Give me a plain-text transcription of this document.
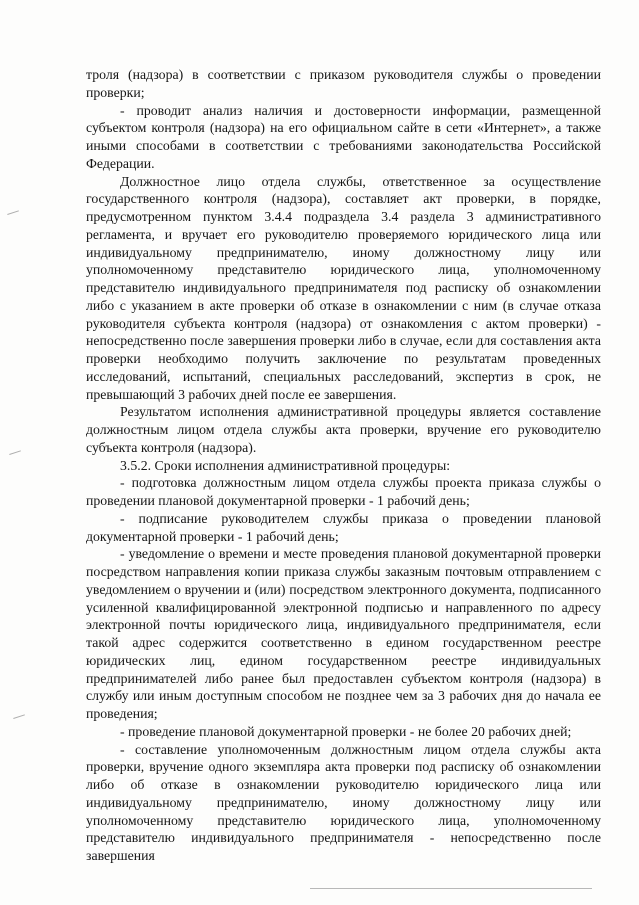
троля (надзора) в соответствии с приказом руководителя службы о проведении проверки;

- проводит анализ наличия и достоверности информации, размещенной субъектом контроля (надзора) на его официальном сайте в сети «Интернет», а также иными способами в соответствии с требованиями законодательства Российской Федерации.

Должностное лицо отдела службы, ответственное за осуществление государственного контроля (надзора), составляет акт проверки, в порядке, предусмотренном пунктом 3.4.4 подраздела 3.4 раздела 3 административного регламента, и вручает его руководителю проверяемого юридического лица или индивидуальному предпринимателю, иному должностному лицу или уполномоченному представителю юридического лица, уполномоченному представителю индивидуального предпринимателя под расписку об ознакомлении либо с указанием в акте проверки об отказе в ознакомлении с ним (в случае отказа руководителя субъекта контроля (надзора) от ознакомления с актом проверки) - непосредственно после завершения проверки либо в случае, если для составления акта проверки необходимо получить заключение по результатам проведенных исследований, испытаний, специальных расследований, экспертиз в срок, не превышающий 3 рабочих дней после ее завершения.

Результатом исполнения административной процедуры является составление должностным лицом отдела службы акта проверки, вручение его руководителю субъекта контроля (надзора).

3.5.2. Сроки исполнения административной процедуры:

- подготовка должностным лицом отдела службы проекта приказа службы о проведении плановой документарной проверки - 1 рабочий день;

- подписание руководителем службы приказа о проведении плановой документарной проверки - 1 рабочий день;

- уведомление о времени и месте проведения плановой документарной проверки посредством направления копии приказа службы заказным почтовым отправлением с уведомлением о вручении и (или) посредством электронного документа, подписанного усиленной квалифицированной электронной подписью и направленного по адресу электронной почты юридического лица, индивидуального предпринимателя, если такой адрес содержится соответственно в едином государственном реестре юридических лиц, едином государственном реестре индивидуальных предпринимателей либо ранее был предоставлен субъектом контроля (надзора) в службу или иным доступным способом не позднее чем за 3 рабочих дня до начала ее проведения;

- проведение плановой документарной проверки - не более 20 рабочих дней;

- составление уполномоченным должностным лицом отдела службы акта проверки, вручение одного экземпляра акта проверки под расписку об ознакомлении либо об отказе в ознакомлении руководителю юридического лица или индивидуальному предпринимателю, иному должностному лицу или уполномоченному представителю юридического лица, уполномоченному представителю индивидуального предпринимателя - непосредственно после завершения
